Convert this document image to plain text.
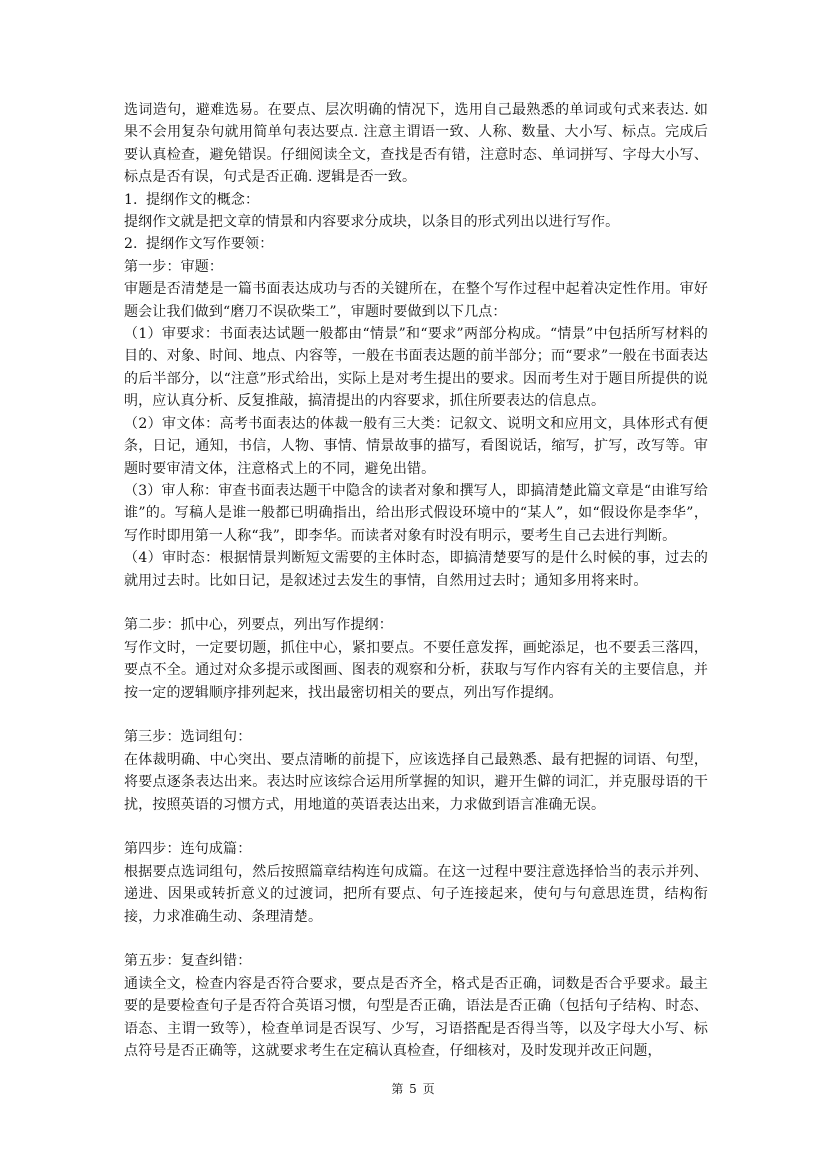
选词造句，避难选易。在要点、层次明确的情况下，选用自己最熟悉的单词或句式来表达. 如果不会用复杂句就用简单句表达要点. 注意主谓语一致、人称、数量、大小写、标点。完成后要认真检查，避免错误。仔细阅读全文，查找是否有错，注意时态、单词拼写、字母大小写、标点是否有误，句式是否正确. 逻辑是否一致。

1. 提纲作文的概念：

提纲作文就是把文章的情景和内容要求分成块，以条目的形式列出以进行写作。

2. 提纲作文写作要领：

第一步：审题：

审题是否清楚是一篇书面表达成功与否的关键所在，在整个写作过程中起着决定性作用。审好题会让我们做到“磨刀不误砍柴工”，审题时要做到以下几点：

（1）审要求：书面表达试题一般都由“情景”和“要求”两部分构成。“情景”中包括所写材料的目的、对象、时间、地点、内容等，一般在书面表达题的前半部分；而“要求”一般在书面表达的后半部分，以“注意”形式给出，实际上是对考生提出的要求。因而考生对于题目所提供的说明，应认真分析、反复推敲，搞清提出的内容要求，抓住所要表达的信息点。

（2）审文体：高考书面表达的体裁一般有三大类：记叙文、说明文和应用文，具体形式有便条，日记，通知，书信，人物、事情、情景故事的描写，看图说话，缩写，扩写，改写等。审题时要审清文体，注意格式上的不同，避免出错。

（3）审人称：审查书面表达题干中隐含的读者对象和撰写人，即搞清楚此篇文章是“由谁写给谁”的。写稿人是谁一般都已明确指出，给出形式假设环境中的“某人”，如“假设你是李华”，写作时即用第一人称“我”，即李华。而读者对象有时没有明示，要考生自己去进行判断。

（4）审时态：根据情景判断短文需要的主体时态，即搞清楚要写的是什么时候的事，过去的就用过去时。比如日记，是叙述过去发生的事情，自然用过去时；通知多用将来时。

第二步：抓中心，列要点，列出写作提纲：

写作文时，一定要切题，抓住中心，紧扣要点。不要任意发挥，画蛇添足，也不要丢三落四，要点不全。通过对众多提示或图画、图表的观察和分析，获取与写作内容有关的主要信息，并按一定的逻辑顺序排列起来，找出最密切相关的要点，列出写作提纲。

第三步：选词组句：

在体裁明确、中心突出、要点清晰的前提下，应该选择自己最熟悉、最有把握的词语、句型，将要点逐条表达出来。表达时应该综合运用所掌握的知识，避开生僻的词汇，并克服母语的干扰，按照英语的习惯方式，用地道的英语表达出来，力求做到语言准确无误。

第四步：连句成篇：

根据要点选词组句，然后按照篇章结构连句成篇。在这一过程中要注意选择恰当的表示并列、递进、因果或转折意义的过渡词，把所有要点、句子连接起来，使句与句意思连贯，结构衔接，力求准确生动、条理清楚。

第五步：复查纠错：

通读全文，检查内容是否符合要求，要点是否齐全，格式是否正确，词数是否合乎要求。最主要的是要检查句子是否符合英语习惯，句型是否正确，语法是否正确（包括句子结构、时态、语态、主谓一致等），检查单词是否误写、少写，习语搭配是否得当等，以及字母大小写、标点符号是否正确等，这就要求考生在定稿认真检查，仔细核对，及时发现并改正问题，

第 5 页
